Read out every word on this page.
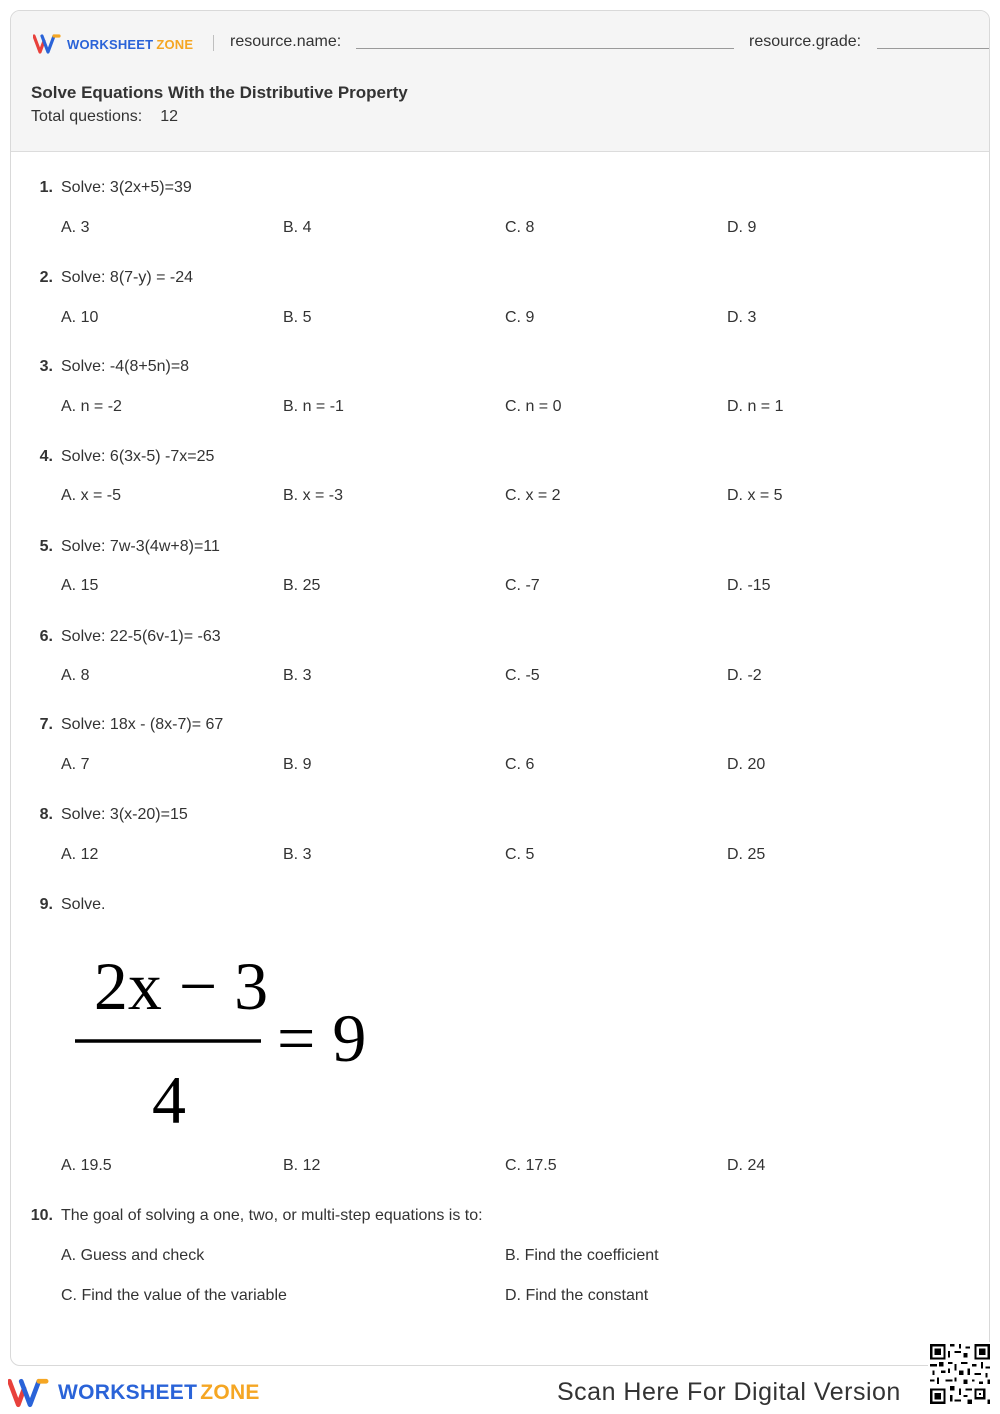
WORKSHEET ZONE resource.name:	resource.grade:
Solve Equations With the Distributive Property
Total questions: 12
1. Solve: 3(2x+5)=39
A. 3	B. 4	C. 8	D. 9
2. Solve: 8(7-y) = -24
A. 10	B. 5	C. 9	D. 3
3. Solve: -4(8+5n)=8
A. n = -2	B. n = -1	C. n = 0	D. n = 1
4. Solve: 6(3x-5) -7x=25
A. x = -5	B. x = -3	C. x = 2	D. x = 5
5. Solve: 7w-3(4w+8)=11
A. 15	B. 25	C. -7	D. -15
6. Solve: 22-5(6v-1)= -63
A. 8	B. 3	C. -5	D. -2
7. Solve: 18x - (8x-7)= 67
A. 7	B. 9	C. 6	D. 20
8. Solve: 3(x-20)=15
A. 12	B. 3	C. 5	D. 25
9. Solve.
2x − 3
4
= 9
A. 19.5	B. 12	C. 17.5	D. 24
10. The goal of solving a one, two, or multi-step equations is to:
A. Guess and check	B. Find the coefficient
C. Find the value of the variable	D. Find the constant
WORKSHEET ZONE	Scan Here For Digital Version
